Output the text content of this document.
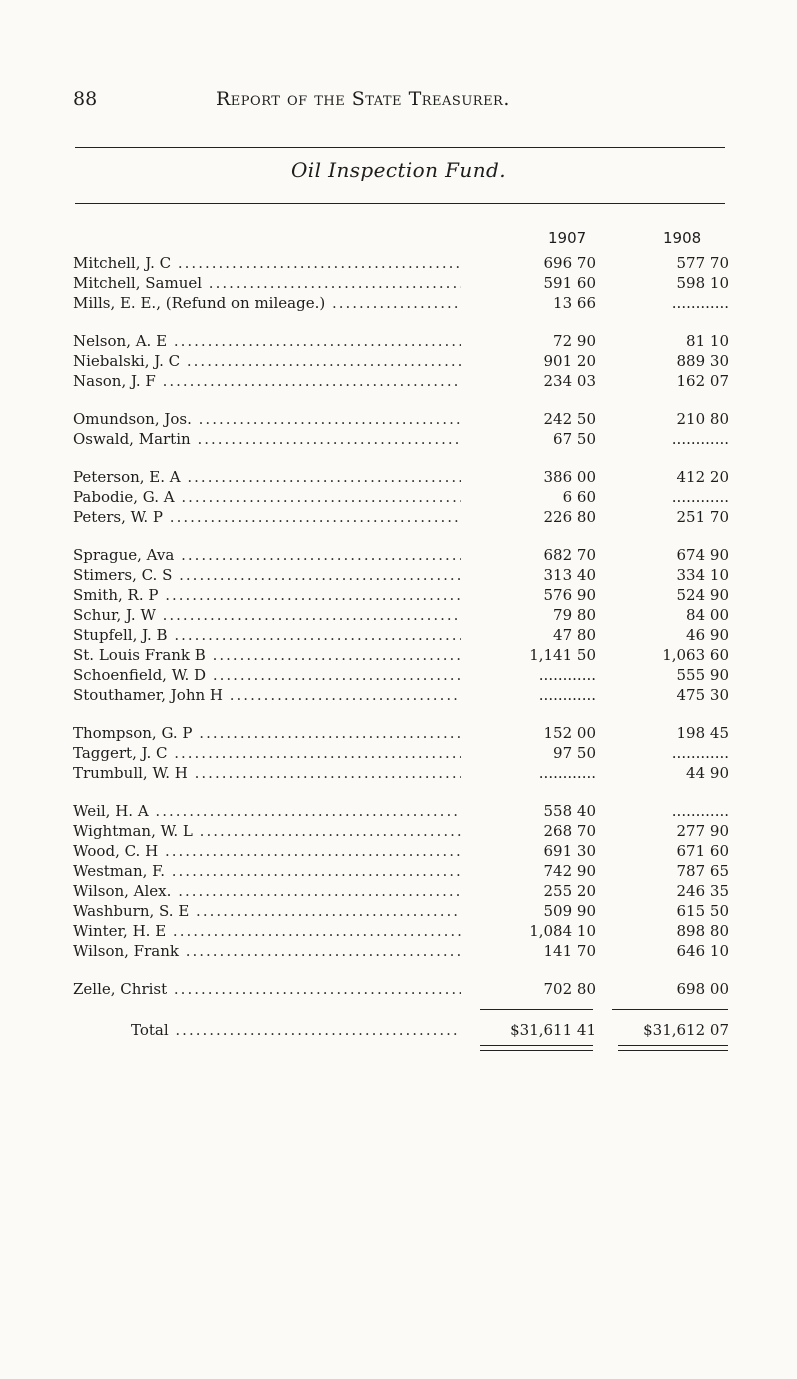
88	Report of the State Treasurer.
Oil Inspection Fund.
1907	1908
Mitchell, J. C .....	696 70	577 70
Mitchell, Samuel .....	591 60	598 10
Mills, E. E., (Refund on mileage.) .....	13 66	............
Nelson, A. E .....	72 90	81 10
Niebalski, J. C .....	901 20	889 30
Nason, J. F .....	234 03	162 07
Omundson, Jos. .....	242 50	210 80
Oswald, Martin .....	67 50	............
Peterson, E. A .....	386 00	412 20
Pabodie, G. A .....	6 60	............
Peters, W. P .....	226 80	251 70
Sprague, Ava .....	682 70	674 90
Stimers, C. S .....	313 40	334 10
Smith, R. P .....	576 90	524 90
Schur, J. W .....	79 80	84 00
Stupfell, J. B .....	47 80	46 90
St. Louis Frank B .....	1,141 50	1,063 60
Schoenfield, W. D .....	............	555 90
Stouthamer, John H .....	............	475 30
Thompson, G. P .....	152 00	198 45
Taggert, J. C .....	97 50	............
Trumbull, W. H .....	............	44 90
Weil, H. A .....	558 40	............
Wightman, W. L .....	268 70	277 90
Wood, C. H .....	691 30	671 60
Westman, F. .....	742 90	787 65
Wilson, Alex. .....	255 20	246 35
Washburn, S. E .....	509 90	615 50
Winter, H. E .....	1,084 10	898 80
Wilson, Frank .....	141 70	646 10
Zelle, Christ .....	702 80	698 00
Total .....	$31,611 41	$31,612 07
